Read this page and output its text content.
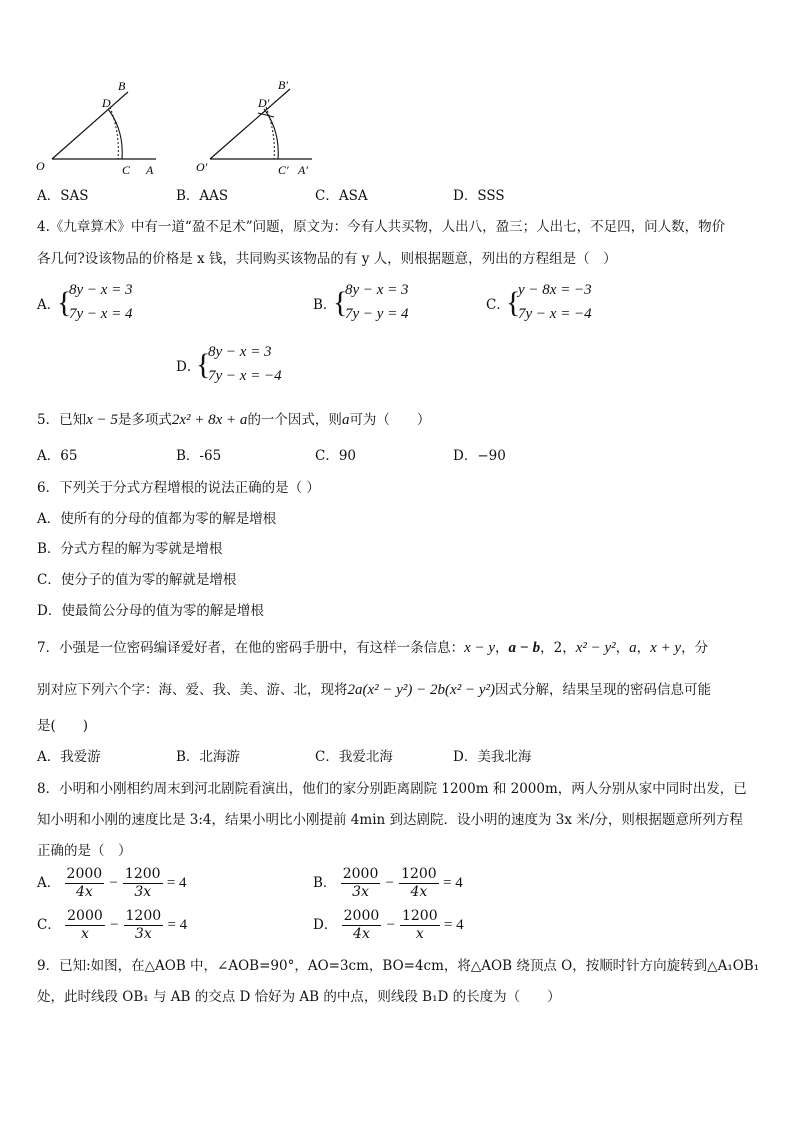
O
B
D
C A	O′
B′
D′
C′ A′
A．SAS	B．AAS	C．ASA	D．SSS
4.《九章算术》中有一道“盈不足术”问题，原文为：今有人共买物，人出八，盈三；人出七，不足四，问人数，物价
各几何?设该物品的价格是 x 钱，共同购买该物品的有 y 人，则根据题意，列出的方程组是（　）
A．
{
8y − x = 3
7y − x = 4
B．
{
8y − x = 3
7y − y = 4
C．
{
y − 8x = −3
7y − x = −4
D．
{
8y − x = 3
7y − x = −4
5．已知x − 5是多项式2x² + 8x + a的一个因式，则a可为（　　）
A．65	B．-65	C．90	D．−90
6．下列关于分式方程增根的说法正确的是（ ）
A．使所有的分母的值都为零的解是增根
B．分式方程的解为零就是增根
C．使分子的值为零的解就是增根
D．使最简公分母的值为零的解是增根
7．小强是一位密码编译爱好者，在他的密码手册中，有这样一条信息：x − y，a − b，2，x² − y²，a，x + y，分
别对应下列六个字：海、爱、我、美、游、北，现将2a(x² − y²) − 2b(x² − y²)因式分解，结果呈现的密码信息可能
是(　　)
A．我爱游	B．北海游	C．我爱北海	D．美我北海
8．小明和小刚相约周末到河北剧院看演出，他们的家分别距离剧院 1200m 和 2000m，两人分别从家中同时出发，已
知小明和小刚的速度比是 3:4，结果小明比小刚提前 4min 到达剧院．设小明的速度为 3x 米/分，则根据题意所列方程
正确的是（　）
A． $\frac{2000}{4x} - \frac{1200}{3x} = 4$	B． $\frac{2000}{3x} - \frac{1200}{4x} = 4$
C． $\frac{2000}{x} - \frac{1200}{3x} = 4$	D． $\frac{2000}{4x} - \frac{1200}{x} = 4$
9．已知:如图，在△AOB 中，∠AOB=90°，AO=3cm，BO=4cm，将△AOB 绕顶点 O，按顺时针方向旋转到△A₁OB₁
处，此时线段 OB₁ 与 AB 的交点 D 恰好为 AB 的中点，则线段 B₁D 的长度为（　　）
